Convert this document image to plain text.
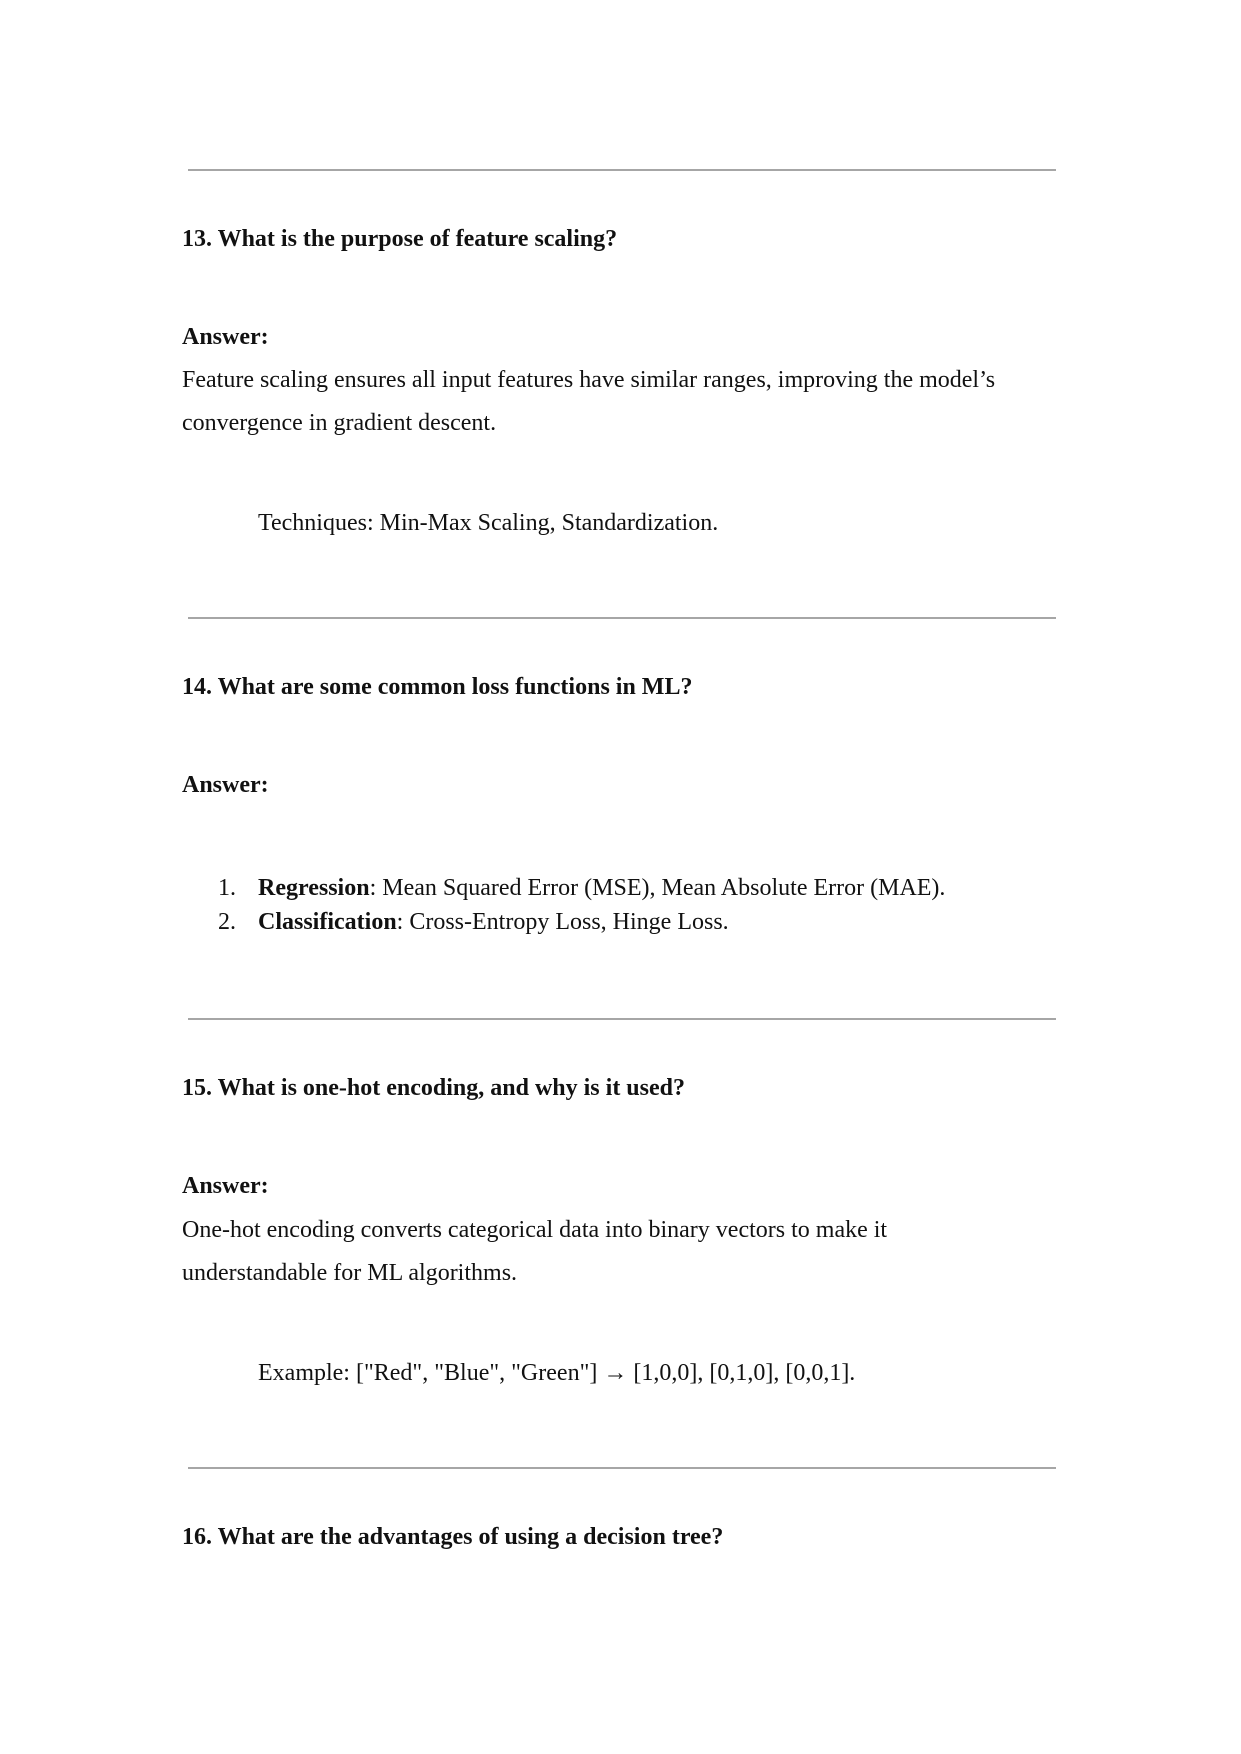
13. What is the purpose of feature scaling?

Answer:

Feature scaling ensures all input features have similar ranges, improving the model’s convergence in gradient descent.

Techniques: Min-Max Scaling, Standardization.

14. What are some common loss functions in ML?

Answer:

1. Regression: Mean Squared Error (MSE), Mean Absolute Error (MAE).
2. Classification: Cross-Entropy Loss, Hinge Loss.

15. What is one-hot encoding, and why is it used?

Answer:

One-hot encoding converts categorical data into binary vectors to make it understandable for ML algorithms.

Example: ["Red", "Blue", "Green"] → [1,0,0], [0,1,0], [0,0,1].

16. What are the advantages of using a decision tree?
